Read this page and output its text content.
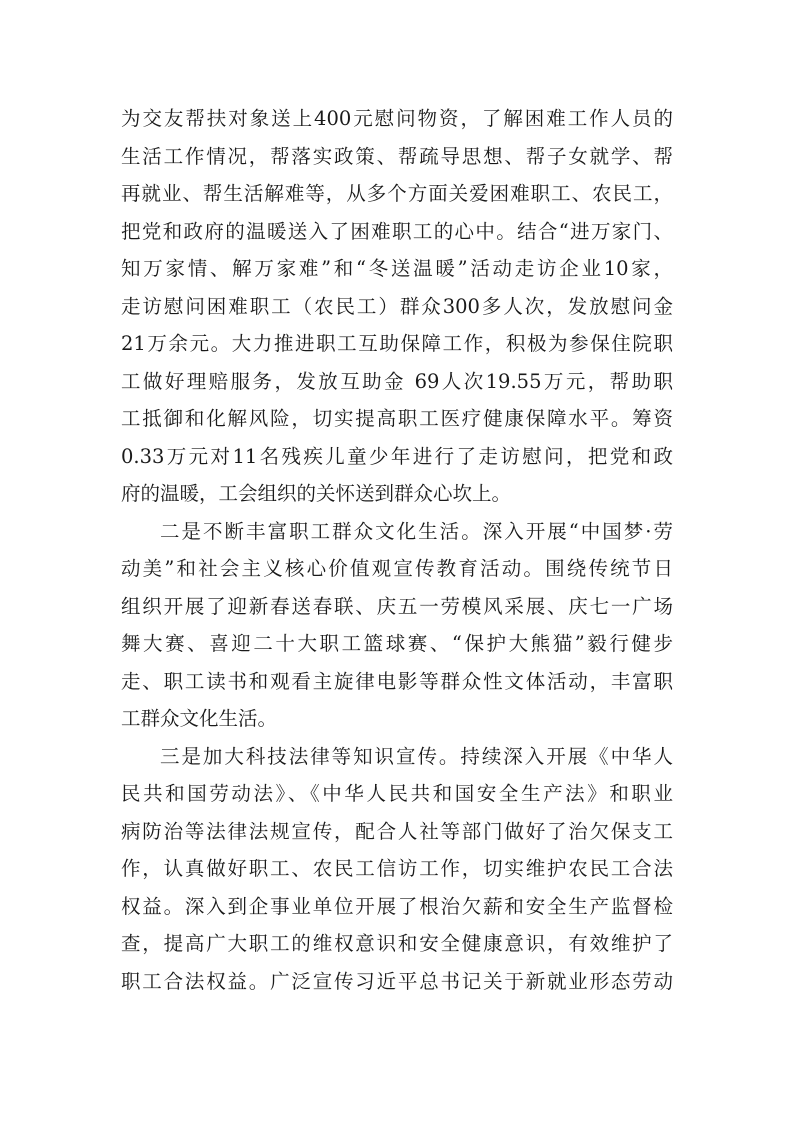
为交友帮扶对象送上400元慰问物资，了解困难工作人员的
生活工作情况，帮落实政策、帮疏导思想、帮子女就学、帮
再就业、帮生活解难等，从多个方面关爱困难职工、农民工，
把党和政府的温暖送入了困难职工的心中。结合“进万家门、
知万家情、解万家难”和“冬送温暖”活动走访企业10家，
走访慰问困难职工（农民工）群众300多人次，发放慰问金
21万余元。大力推进职工互助保障工作，积极为参保住院职
工做好理赔服务，发放互助金 69人次19.55万元，帮助职
工抵御和化解风险，切实提高职工医疗健康保障水平。筹资
0.33万元对11名残疾儿童少年进行了走访慰问，把党和政
府的温暖，工会组织的关怀送到群众心坎上。
二是不断丰富职工群众文化生活。深入开展“中国梦·劳
动美”和社会主义核心价值观宣传教育活动。围绕传统节日
组织开展了迎新春送春联、庆五一劳模风采展、庆七一广场
舞大赛、喜迎二十大职工篮球赛、“保护大熊猫”毅行健步
走、职工读书和观看主旋律电影等群众性文体活动，丰富职
工群众文化生活。
三是加大科技法律等知识宣传。持续深入开展《中华人
民共和国劳动法》、《中华人民共和国安全生产法》和职业
病防治等法律法规宣传，配合人社等部门做好了治欠保支工
作，认真做好职工、农民工信访工作，切实维护农民工合法
权益。深入到企事业单位开展了根治欠薪和安全生产监督检
查，提高广大职工的维权意识和安全健康意识，有效维护了
职工合法权益。广泛宣传习近平总书记关于新就业形态劳动
